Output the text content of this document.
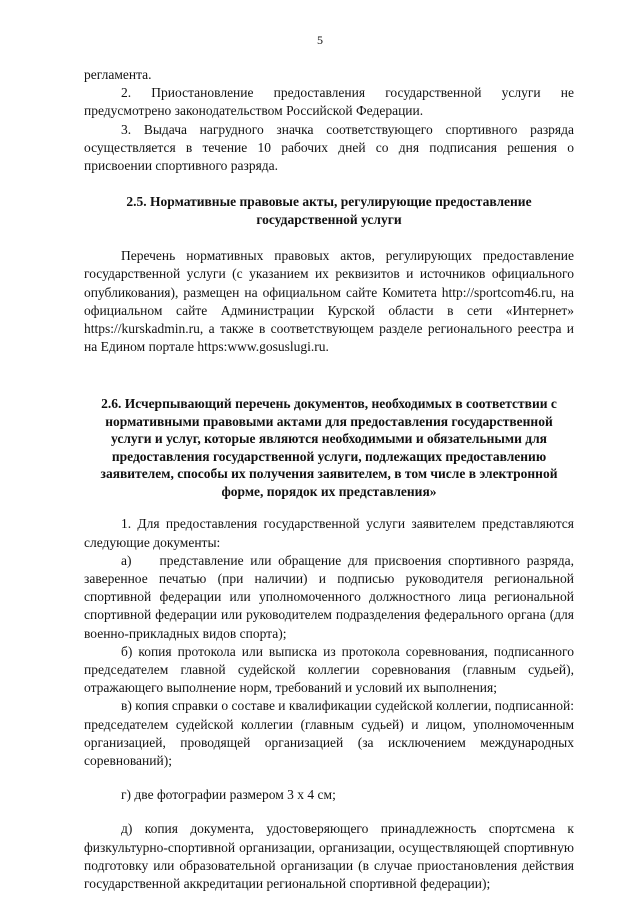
5

регламента.

2. Приостановление предоставления государственной услуги не предусмотрено законодательством Российской Федерации.

3. Выдача нагрудного значка соответствующего спортивного разряда осуществляется в течение 10 рабочих дней со дня подписания решения о присвоении спортивного разряда.

2.5. Нормативные правовые акты, регулирующие предоставление государственной услуги

Перечень нормативных правовых актов, регулирующих предоставление государственной услуги (с указанием их реквизитов и источников официального опубликования), размещен на официальном сайте Комитета http://sportcom46.ru, на официальном сайте Администрации Курской области в сети «Интернет» https://kurskadmin.ru, а также в соответствующем разделе регионального реестра и на Едином портале https:www.gosuslugi.ru.

2.6. Исчерпывающий перечень документов, необходимых в соответствии с нормативными правовыми актами для предоставления государственной услуги и услуг, которые являются необходимыми и обязательными для предоставления государственной услуги, подлежащих предоставлению заявителем, способы их получения заявителем, в том числе в электронной форме, порядок их представления»

1. Для предоставления государственной услуги заявителем представляются следующие документы:

а) представление или обращение для присвоения спортивного разряда, заверенное печатью (при наличии) и подписью руководителя региональной спортивной федерации или уполномоченного должностного лица региональной спортивной федерации или руководителем подразделения федерального органа (для военно-прикладных видов спорта);

б) копия протокола или выписка из протокола соревнования, подписанного председателем главной судейской коллегии соревнования (главным судьей), отражающего выполнение норм, требований и условий их выполнения;

в) копия справки о составе и квалификации судейской коллегии, подписанной: председателем судейской коллегии (главным судьей) и лицом, уполномоченным организацией, проводящей организацией (за исключением международных соревнований);

г) две фотографии размером 3 х 4 см;

д) копия документа, удостоверяющего принадлежность спортсмена к физкультурно-спортивной организации, организации, осуществляющей спортивную подготовку или образовательной организации (в случае приостановления действия государственной аккредитации региональной спортивной федерации);
